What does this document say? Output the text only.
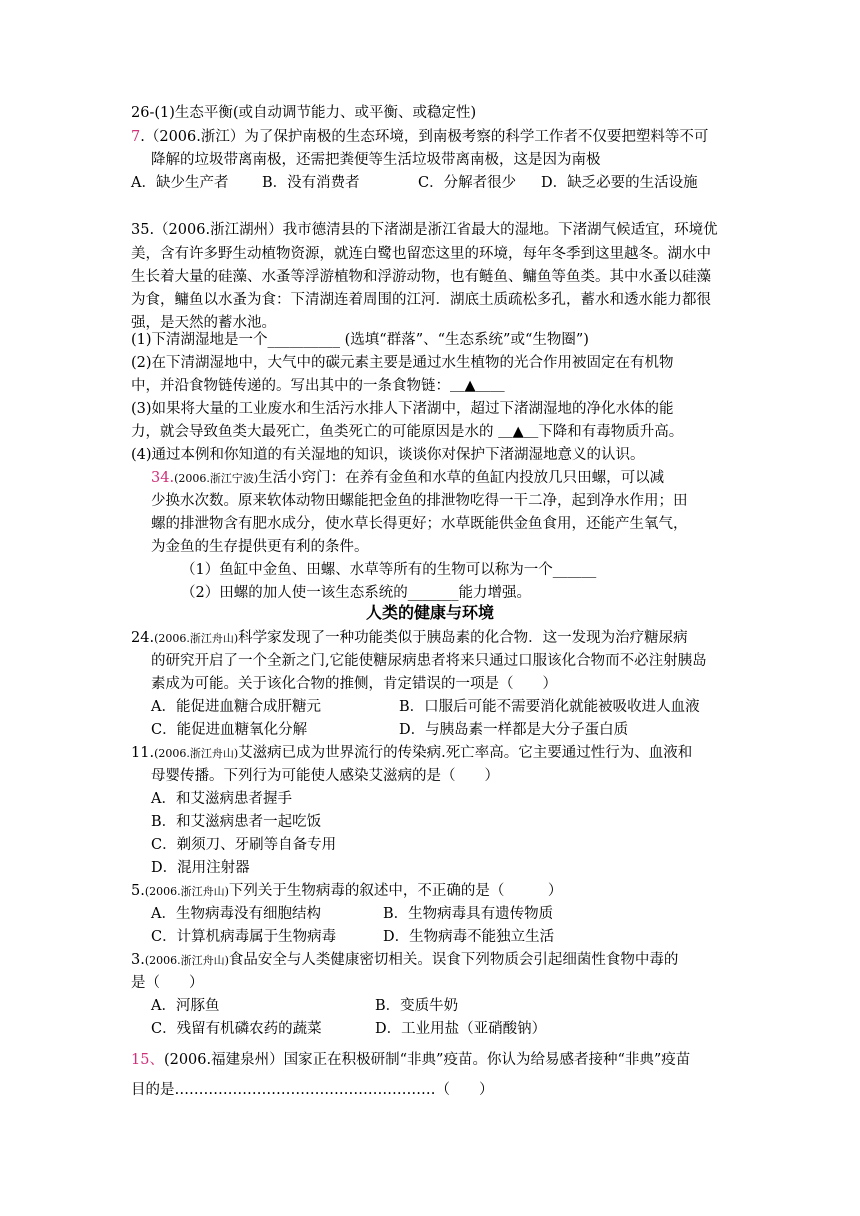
26-(1)生态平衡(或自动调节能力、或平衡、或稳定性)
7.（2006.浙江）为了保护南极的生态环境，到南极考察的科学工作者不仅要把塑料等不可
降解的垃圾带离南极，还需把粪便等生活垃圾带离南极，这是因为南极
A．缺少生产者 B．没有消费者	C．分解者很少 D．缺乏必要的生活设施
35.（2006.浙江湖州）我市德清县的下渚湖是浙江省最大的湿地。下渚湖气候适宜，环境优
美，含有许多野生动植物资源，就连白鹭也留恋这里的环境，每年冬季到这里越冬。湖水中
生长着大量的硅藻、水蚤等浮游植物和浮游动物，也有鲢鱼、鳙鱼等鱼类。其中水蚤以硅藻
为食，鳙鱼以水蚤为食：下清湖连着周围的江河．湖底土质疏松多孔，蓄水和透水能力都很
强，是天然的蓄水池。
(1)下清湖湿地是一个__________ (选填“群落”、“生态系统”或“生物圈”)
(2)在下清湖湿地中，大气中的碳元素主要是通过水生植物的光合作用被固定在有机物
中，并沿食物链传递的。写出其中的一条食物链：＿▲＿＿
(3)如果将大量的工业废水和生活污水排人下渚湖中，超过下渚湖湿地的净化水体的能
力，就会导致鱼类大最死亡，鱼类死亡的可能原因是水的 ＿▲＿下降和有毒物质升高。
(4)通过本例和你知道的有关湿地的知识，谈谈你对保护下渚湖湿地意义的认识。
34.(2006.浙江宁波)生活小窍门：在养有金鱼和水草的鱼缸内投放几只田螺，可以减
少换水次数。原来软体动物田螺能把金鱼的排泄物吃得一干二净，起到净水作用；田
螺的排泄物含有肥水成分，使水草长得更好；水草既能供金鱼食用，还能产生氧气，
为金鱼的生存提供更有利的条件。
（1）鱼缸中金鱼、田螺、水草等所有的生物可以称为一个______
（2）田螺的加人使一该生态系统的_______能力增强。
人类的健康与环境
24.(2006.浙江舟山)科学家发现了一种功能类似于胰岛素的化合物．这一发现为治疗糖尿病
的研究开启了一个全新之门,它能使糖尿病患者将来只通过口服该化合物而不必注射胰岛
素成为可能。关于该化合物的推侧，肯定错误的一项是（　　）
A．能促进血糖合成肝糖元	B．口服后可能不需要消化就能被吸收进人血液
C．能促进血糖氧化分解	D．与胰岛素一样都是大分子蛋白质
11.(2006.浙江舟山)艾滋病已成为世界流行的传染病.死亡率高。它主要通过性行为、血液和
母婴传播。下列行为可能使人感染艾滋病的是（　　）
A．和艾滋病患者握手
B．和艾滋病患者一起吃饭
C．剃须刀、牙刷等自备专用
D．混用注射器
5.(2006.浙江舟山)下列关于生物病毒的叙述中，不正确的是（　　　）
A．生物病毒没有细胞结构	B．生物病毒具有遗传物质
C．计算机病毒属于生物病毒	D．生物病毒不能独立生活
3.(2006.浙江舟山)食品安全与人类健康密切相关。误食下列物质会引起细菌性食物中毒的
是（　　）
A．河豚鱼	B．变质牛奶
C．残留有机磷农药的蔬菜	D．工业用盐（亚硝酸钠）
15、(2006.福建泉州）国家正在积极研制“非典”疫苗。你认为给易感者接种“非典”疫苗
目的是………………………………………………（　　）
